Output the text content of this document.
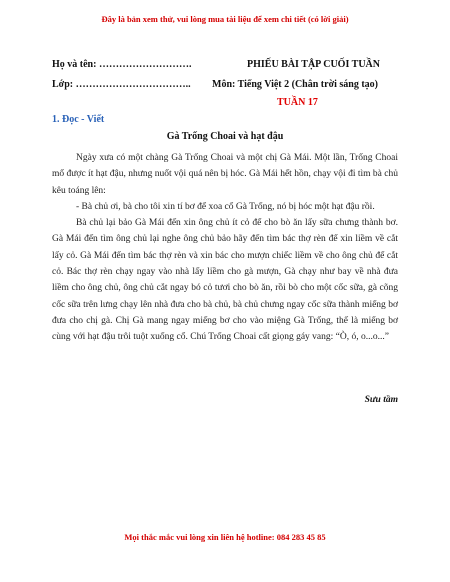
Đây là bản xem thử, vui lòng mua tài liệu để xem chi tiết (có lời giải)
Họ và tên: ……………………….
Lớp: ……………………………..
PHIẾU BÀI TẬP CUỐI TUẦN
Môn: Tiếng Việt 2 (Chân trời sáng tạo)
TUẦN 17
1. Đọc - Viết
Gà Trống Choai và hạt đậu

Ngày xưa có một chàng Gà Trống Choai và một chị Gà Mái. Một lần, Trống Choai mổ được ít hạt đậu, nhưng nuốt vội quá nên bị hóc. Gà Mái hết hồn, chạy vội đi tìm bà chủ kêu toáng lên:

- Bà chủ ơi, bà cho tôi xin tí bơ để xoa cổ Gà Trống, nó bị hóc một hạt đậu rồi.

Bà chủ lại bảo Gà Mái đến xin ông chủ ít cỏ để cho bò ăn lấy sữa chưng thành bơ. Gà Mái đến tìm ông chủ lại nghe ông chủ bảo hãy đến tìm bác thợ rèn để xin liềm về cắt lấy cỏ. Gà Mái đến tìm bác thợ rèn và xin bác cho mượn chiếc liềm về cho ông chủ để cắt cỏ. Bác thợ rèn chạy ngay vào nhà lấy liềm cho gà mượn, Gà chạy như bay về nhà đưa liềm cho ông chủ, ông chủ cắt ngay bó cỏ tươi cho bò ăn, rồi bò cho một cốc sữa, gà cõng cốc sữa trên lưng chạy lên nhà đưa cho bà chủ, bà chủ chưng ngay cốc sữa thành miếng bơ đưa cho chị gà. Chị Gà mang ngay miếng bơ cho vào miệng Gà Trống, thế là miếng bơ cùng với hạt đậu trôi tuột xuống cổ. Chú Trống Choai cất giọng gáy vang: “Ò, ó, o...o...”

Sưu tầm
Mọi thắc mắc vui lòng xin liên hệ hotline: 084 283 45 85
